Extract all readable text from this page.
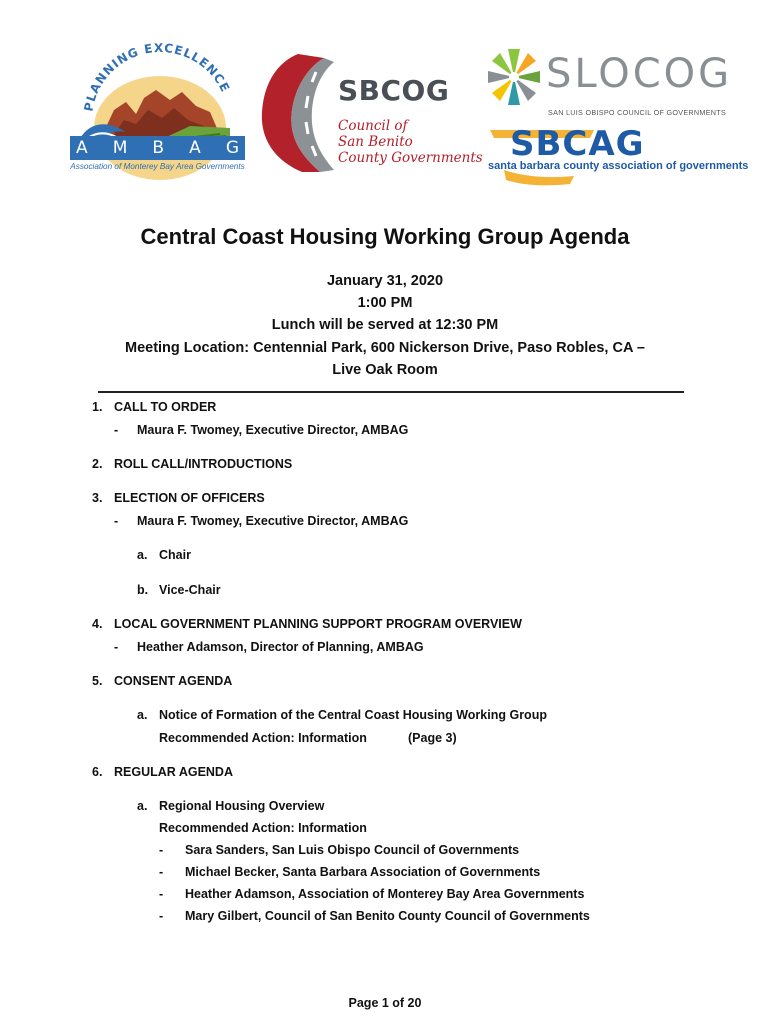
PLANNING EXCELLENCE
A M B A G
Association of Monterey Bay Area Governments
SBCOG
Council of
San Benito
County Governments
SLOCOG
SAN LUIS OBISPO COUNCIL OF GOVERNMENTS
SBCAG
santa barbara county association of governments
Central Coast Housing Working Group Agenda
January 31, 2020
1:00 PM
Lunch will be served at 12:30 PM
Meeting Location: Centennial Park, 600 Nickerson Drive, Paso Robles, CA –
Live Oak Room
1. CALL TO ORDER
- Maura F. Twomey, Executive Director, AMBAG
2. ROLL CALL/INTRODUCTIONS
3. ELECTION OF OFFICERS
- Maura F. Twomey, Executive Director, AMBAG
a. Chair
b. Vice-Chair
4. LOCAL GOVERNMENT PLANNING SUPPORT PROGRAM OVERVIEW
- Heather Adamson, Director of Planning, AMBAG
5. CONSENT AGENDA
a. Notice of Formation of the Central Coast Housing Working Group
Recommended Action: Information	(Page 3)
6. REGULAR AGENDA
a. Regional Housing Overview
Recommended Action: Information
- Sara Sanders, San Luis Obispo Council of Governments
- Michael Becker, Santa Barbara Association of Governments
- Heather Adamson, Association of Monterey Bay Area Governments
- Mary Gilbert, Council of San Benito County Council of Governments
Page 1 of 20
